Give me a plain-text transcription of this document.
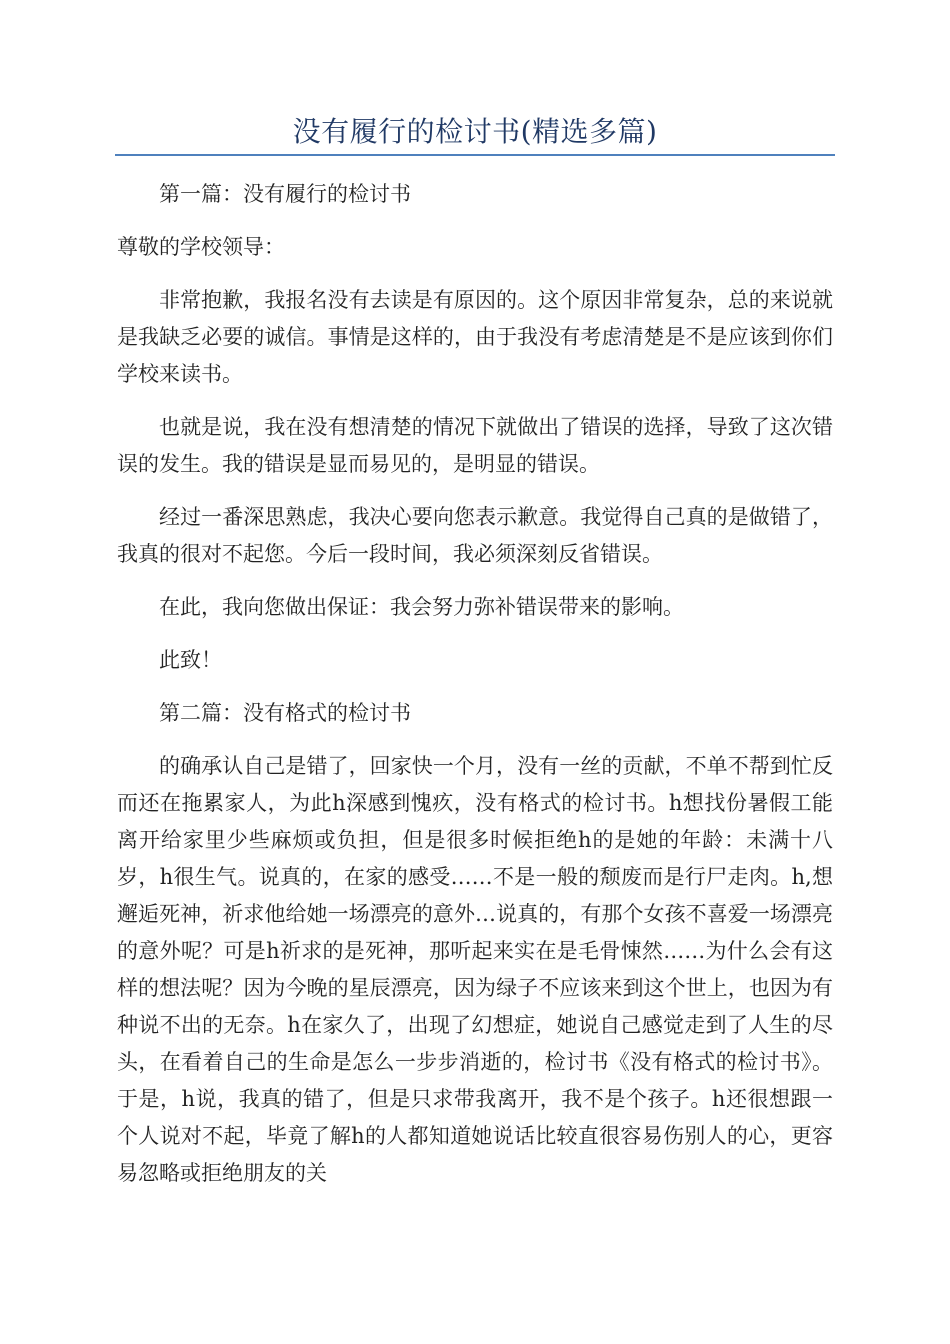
没有履行的检讨书(精选多篇)

第一篇：没有履行的检讨书

尊敬的学校领导：

非常抱歉，我报名没有去读是有原因的。这个原因非常复杂，总的来说就是我缺乏必要的诚信。事情是这样的，由于我没有考虑清楚是不是应该到你们学校来读书。

也就是说，我在没有想清楚的情况下就做出了错误的选择，导致了这次错误的发生。我的错误是显而易见的，是明显的错误。

经过一番深思熟虑，我决心要向您表示歉意。我觉得自己真的是做错了，我真的很对不起您。今后一段时间，我必须深刻反省错误。

在此，我向您做出保证：我会努力弥补错误带来的影响。

此致！

第二篇：没有格式的检讨书

的确承认自己是错了，回家快一个月，没有一丝的贡献，不单不帮到忙反而还在拖累家人，为此h深感到愧疚，没有格式的检讨书。h想找份暑假工能离开给家里少些麻烦或负担，但是很多时候拒绝h的是她的年龄：未满十八岁，h很生气。说真的，在家的感受……不是一般的颓废而是行尸走肉。h,想邂逅死神，祈求他给她一场漂亮的意外…说真的，有那个女孩不喜爱一场漂亮的意外呢？可是h祈求的是死神，那听起来实在是毛骨悚然……为什么会有这样的想法呢？因为今晚的星辰漂亮，因为绿子不应该来到这个世上，也因为有种说不出的无奈。h在家久了，出现了幻想症，她说自己感觉走到了人生的尽头，在看着自己的生命是怎么一步步消逝的，检讨书《没有格式的检讨书》。于是，h说，我真的错了，但是只求带我离开，我不是个孩子。h还很想跟一个人说对不起，毕竟了解h的人都知道她说话比较直很容易伤别人的心，更容易忽略或拒绝朋友的关
